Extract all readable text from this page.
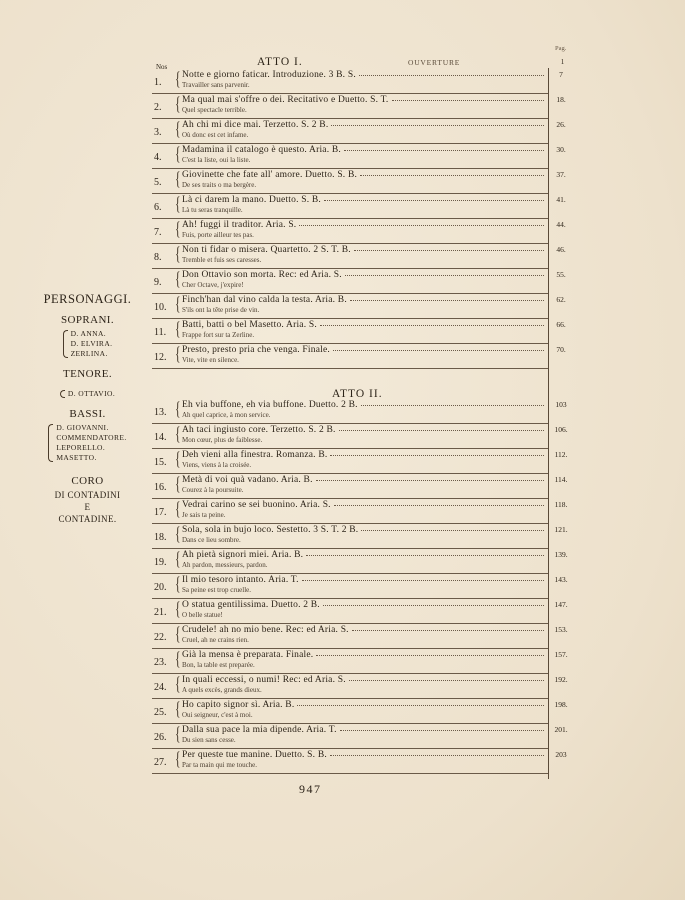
PERSONAGGI.
SOPRANI.
D. ANNA.
D. ELVIRA.
ZERLINA.
TENORE.
D. OTTAVIO.
BASSI.
D. GIOVANNI.
COMMENDATORE.
LEPORELLO.
MASETTO.
CORO
DI CONTADINI
E
CONTADINE.
Nos	ATTO I.	OUVERTURE
Pag.
1
ATTO II.
1. { Notte e giorno faticar. Introduzione. 3 B. S.
Travailler sans parvenir.
7
2. { Ma qual mai s'offre o dei. Recitativo e Duetto. S. T.
Quel spectacle terrible.
18.
3. { Ah chi mi dice mai. Terzetto. S. 2 B.
Où donc est cet infame.
26.
4. { Madamina il catalogo è questo. Aria. B.
C'est la liste, oui la liste.
30.
5. { Giovinette che fate all' amore. Duetto. S. B.
De ses traits o ma bergère.
37.
6. { Là ci darem la mano. Duetto. S. B.
Là tu seras tranquille.
41.
7. { Ah! fuggi il traditor. Aria. S.
Fuis, porte ailleur tes pas.
44.
8. { Non ti fidar o misera. Quartetto. 2 S. T. B.
Tremble et fuis ses caresses.
46.
9. { Don Ottavio son morta. Rec: ed Aria. S.
Cher Octave, j'expire!
55.
10. { Finch'han dal vino calda la testa. Aria. B.
S'ils ont la tête prise de vin.
62.
11. { Batti, batti o bel Masetto. Aria. S.
Frappe fort sur ta Zerline.
66.
12. { Presto, presto pria che venga. Finale.
Vite, vite en silence.
70.
13. { Eh via buffone, eh via buffone. Duetto. 2 B.
Ah quel caprice, à mon service.
103
14. { Ah taci ingiusto core. Terzetto. S. 2 B.
Mon cœur, plus de faiblesse.
106.
15. { Deh vieni alla finestra. Romanza. B.
Viens, viens à la croisée.
112.
16. { Metà di voi quà vadano. Aria. B.
Courez à la poursuite.
114.
17. { Vedrai carino se sei buonino. Aria. S.
Je sais ta peine.
118.
18. { Sola, sola in bujo loco. Sestetto. 3 S. T. 2 B.
Dans ce lieu sombre.
121.
19. { Ah pietà signori miei. Aria. B.
Ah pardon, messieurs, pardon.
139.
20. { Il mio tesoro intanto. Aria. T.
Sa peine est trop cruelle.
143.
21. { O statua gentilissima. Duetto. 2 B.
O belle statue!
147.
22. { Crudele! ah no mio bene. Rec: ed Aria. S.
Cruel, ah ne crains rien.
153.
23. { Già la mensa è preparata. Finale.
Bon, la table est preparée.
157.
24. { In quali eccessi, o numi! Rec: ed Aria. S.
A quels excès, grands dieux.
192.
25. { Ho capito signor sì. Aria. B.
Oui seigneur, c'est à moi.
198.
26. { Dalla sua pace la mia dipende. Aria. T.
Du sien sans cesse.
201.
27. { Per queste tue manine. Duetto. S. B.
Par ta main qui me touche.
203
947
